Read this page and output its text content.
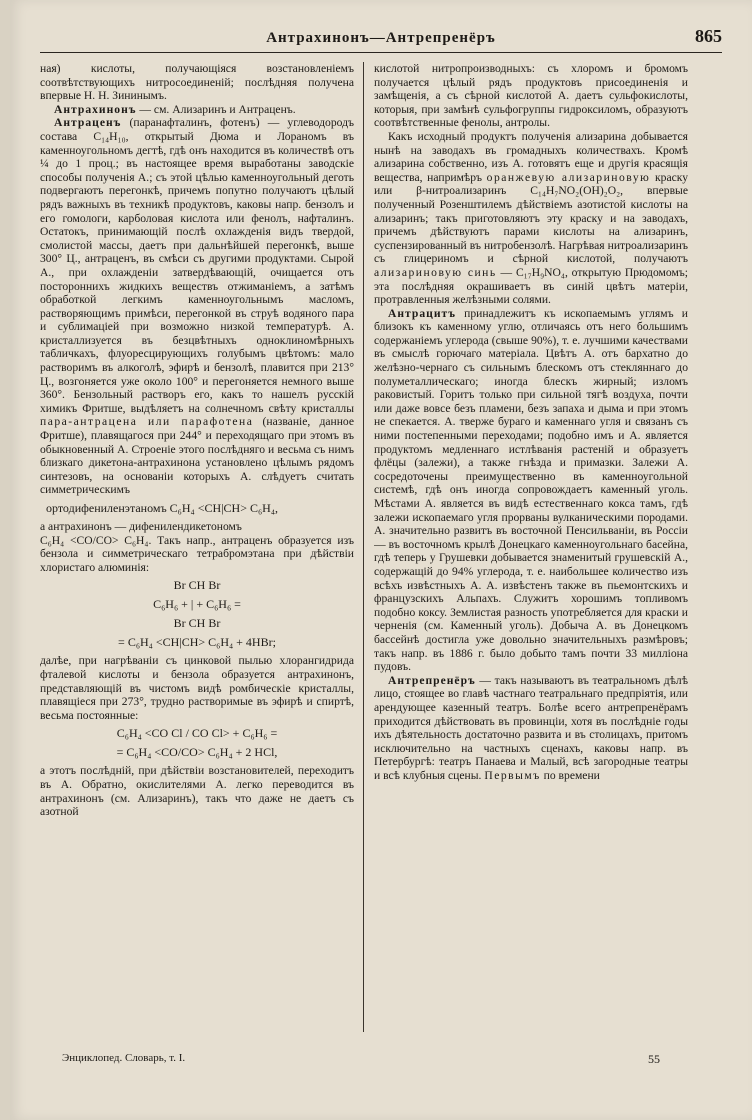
Антрахинонъ—Антрепренёръ	865

ная) кислоты, получающіяся возстановленіемъ соотвѣтствующихъ нитросоединеній; послѣдняя получена впервые Н. Н. Зининымъ.

Антрахинонъ — см. Ализаринъ и Антраценъ.

Антраценъ (паранафталинъ, фотенъ) — углеводородъ состава C₁₄H₁₀, открытый Дюма и Лораномъ въ каменноугольномъ дегтѣ, гдѣ онъ находится въ количествѣ отъ ¼ до 1 проц.; въ настоящее время выработаны заводскіе способы полученія А.; съ этой цѣлью каменноугольный деготь подвергаютъ перегонкѣ, причемъ попутно получаютъ цѣлый рядъ важныхъ въ техникѣ продуктовъ, каковы напр. бензолъ и его гомологи, карболовая кислота или фенолъ, нафталинъ. Остатокъ, принимающій послѣ охлажденія видъ твердой, смолистой массы, даетъ при дальнѣйшей перегонкѣ, выше 300° Ц., антраценъ, въ смѣси съ другими продуктами. Сырой А., при охлажденіи затвердѣвающій, очищается отъ постороннихъ жидкихъ веществъ отжиманіемъ, а затѣмъ обработкой легкимъ каменноугольнымъ масломъ, растворяющимъ примѣси, перегонкой въ струѣ водяного пара и сублимаціей при возможно низкой температурѣ. А. кристаллизуется въ безцвѣтныхъ одноклиномѣрныхъ табличкахъ, флуоресцирующихъ голубымъ цвѣтомъ: мало растворимъ въ алкоголѣ, эфирѣ и бензолѣ, плавится при 213° Ц., возгоняется уже около 100° и перегоняется немного выше 360°. Бензольный растворъ его, какъ то нашелъ русскій химикъ Фритше, выдѣляетъ на солнечномъ свѣту кристаллы пара-антрацена или парафотена (названіе, данное Фритше), плавящагося при 244° и переходящаго при этомъ въ обыкновенный А. Строеніе этого послѣдняго и весьма съ нимъ близкаго дикетона-антрахинона установлено цѣлымъ рядомъ синтезовъ, на основаніи которыхъ А. слѣдуетъ считать симметрическимъ

ортодифениленэтаномъ C₆H₄ <CH|CH> C₆H₄,

а антрахинонъ — дифенилендикетономъ

C₆H₄ <CO/CO> C₆H₄. Такъ напр., антраценъ образуется изъ бензола и симметрическаго тетрабромэтана при дѣйствіи хлористаго алюминія:

Br CH Br
C₆H₆ + | + C₆H₆ =
Br CH Br
= C₆H₄ <CH|CH> C₆H₄ + 4HBr;

далѣе, при нагрѣваніи съ цинковой пылью хлорангидрида фталевой кислоты и бензола образуется антрахинонъ, представляющій въ чистомъ видѣ ромбическіе кристаллы, плавящіеся при 273°, трудно растворимые въ эфирѣ и спиртѣ, весьма постоянные:

C₆H₄ <CO Cl / CO Cl> + C₆H₆ =
= C₆H₄ <CO/CO> C₆H₄ + 2 HCl,

а этотъ послѣдній, при дѣйствіи возстановителей, переходитъ въ А. Обратно, окислителями А. легко переводится въ антрахинонъ (см. Ализаринъ), такъ что даже не даетъ съ азотной

кислотой нитропроизводныхъ: съ хлоромъ и бромомъ получается цѣлый рядъ продуктовъ присоединенія и замѣщенія, а съ сѣрной кислотой А. даетъ сульфокислоты, которыя, при замѣнѣ сульфогруппы гидроксиломъ, образуютъ соотвѣтственные фенолы, антролы.

Какъ исходный продуктъ полученія ализарина добывается нынѣ на заводахъ въ громадныхъ количествахъ. Кромѣ ализарина собственно, изъ А. готовятъ еще и другія красящія вещества, напримѣръ оранжевую ализариновую краску или β-нитроализаринъ C₁₄H₇NO₂(OH)₂O₂, впервые полученный Розенштилемъ дѣйствіемъ азотистой кислоты на ализаринъ; такъ приготовляютъ эту краску и на заводахъ, причемъ дѣйствуютъ парами кислоты на ализаринъ, суспензированный въ нитробензолѣ. Нагрѣвая нитроализаринъ съ глицериномъ и сѣрной кислотой, получаютъ ализариновую синь — C₁₇H₉NO₄, открытую Прюдомомъ; эта послѣдняя окрашиваетъ въ синій цвѣтъ матеріи, протравленныя желѣзными солями.

Антрацитъ принадлежитъ къ ископаемымъ углямъ и близокъ къ каменному углю, отличаясь отъ него большимъ содержаніемъ углерода (свыше 90%), т. е. лучшими качествами въ смыслѣ горючаго матеріала. Цвѣтъ А. отъ бархатно до желѣзно-чернаго съ сильнымъ блескомъ отъ стекляннаго до полуметаллическаго; иногда блескъ жирный; изломъ раковистый. Горитъ только при сильной тягѣ воздуха, почти или даже вовсе безъ пламени, безъ запаха и дыма и при этомъ не спекается. А. тверже бураго и каменнаго угля и связанъ съ ними постепенными переходами; подобно имъ и А. является продуктомъ медленнаго истлѣванія растеній и образуетъ флёцы (залежи), а также гнѣзда и примазки. Залежи А. сосредоточены преимущественно въ каменноугольной системѣ, гдѣ онъ иногда сопровождаетъ каменный уголь. Мѣстами А. является въ видѣ естественнаго кокса тамъ, гдѣ залежи ископаемаго угля прорваны вулканическими породами. А. значительно развитъ въ восточной Пенсильваніи, въ Россіи — въ восточномъ крылѣ Донецкаго каменноугольнаго басейна, гдѣ теперь у Грушевки добывается знаменитый грушевскій А., содержащій до 94% углерода, т. е. наибольшее количество изъ всѣхъ извѣстныхъ А. А. извѣстенъ также въ пьемонтскихъ и французскихъ Альпахъ. Служитъ хорошимъ топливомъ подобно коксу. Землистая разность употребляется для краски и черненія (см. Каменный уголь). Добыча А. въ Донецкомъ бассейнѣ достигла уже довольно значительныхъ размѣровъ; такъ напр. въ 1886 г. было добыто тамъ почти 33 милліона пудовъ.

Антрепренёръ — такъ называютъ въ театральномъ дѣлѣ лицо, стоящее во главѣ частнаго театральнаго предпріятія, или арендующее казенный театръ. Болѣе всего антрепренёрамъ приходится дѣйствовать въ провинціи, хотя въ послѣдніе годы ихъ дѣятельность достаточно развита и въ столицахъ, притомъ исключительно на частныхъ сценахъ, каковы напр. въ Петербургѣ: театръ Панаева и Малый, всѣ загородные театры и всѣ клубныя сцены. Первымъ по времени

Энциклопед. Словарь, т. I.	55
